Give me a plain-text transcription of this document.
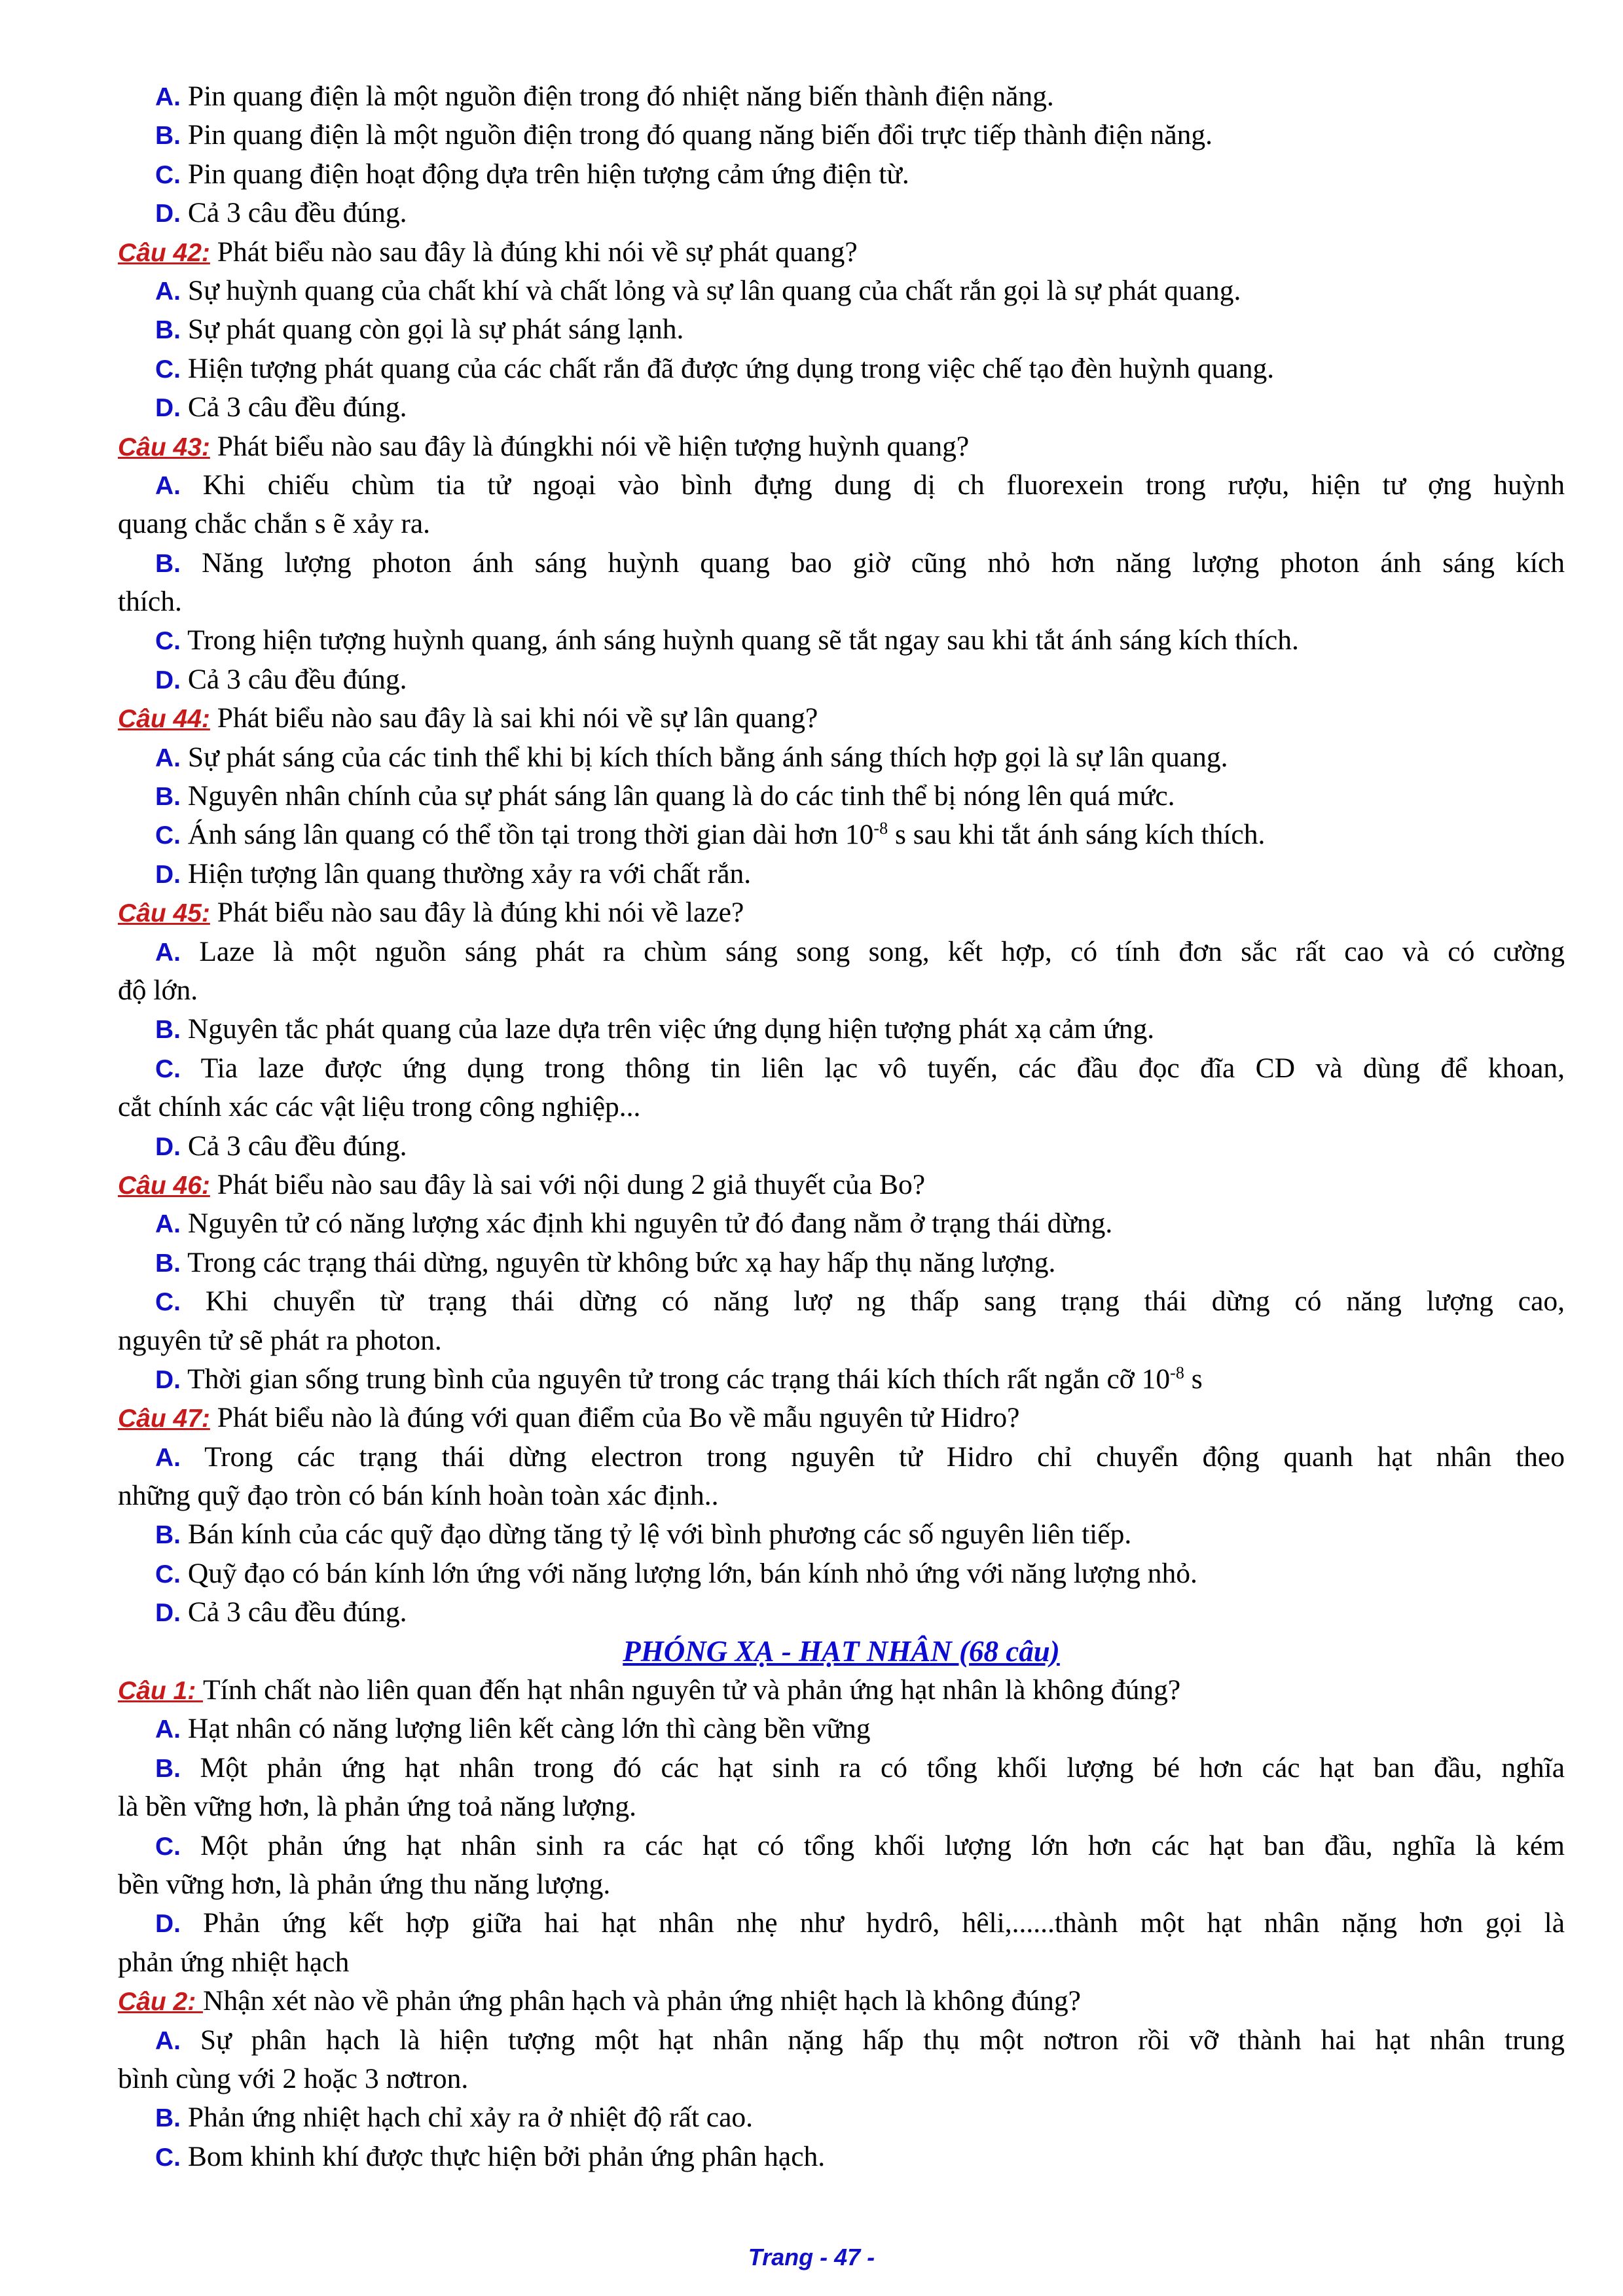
A. Pin quang điện là một nguồn điện trong đó nhiệt năng biến thành điện năng.
B. Pin quang điện là một nguồn điện trong đó quang năng biến đổi trực tiếp thành điện năng.
C. Pin quang điện hoạt động dựa trên hiện tượng cảm ứng điện từ.
D. Cả 3 câu đều đúng.
Câu 42: Phát biểu nào sau đây là đúng khi nói về sự phát quang?
A. Sự huỳnh quang của chất khí và chất lỏng và sự lân quang của chất rắn gọi là sự phát quang.
B. Sự phát quang còn gọi là sự phát sáng lạnh.
C. Hiện tượng phát quang của các chất rắn đã được ứng dụng trong việc chế tạo đèn huỳnh quang.
D. Cả 3 câu đều đúng.
Câu 43: Phát biểu nào sau đây là đúngkhi nói về hiện tượng huỳnh quang?
A. Khi chiếu chùm tia tử ngoại vào bình đựng dung dị ch fluorexein trong rượu, hiện tư ợng huỳnh
quang chắc chắn s ẽ xảy ra.
B. Năng lượng photon ánh sáng huỳnh quang bao giờ cũng nhỏ hơn năng lượng photon ánh sáng kích
thích.
C. Trong hiện tượng huỳnh quang, ánh sáng huỳnh quang sẽ tắt ngay sau khi tắt ánh sáng kích thích.
D. Cả 3 câu đều đúng.
Câu 44: Phát biểu nào sau đây là sai khi nói về sự lân quang?
A. Sự phát sáng của các tinh thể khi bị kích thích bằng ánh sáng thích hợp gọi là sự lân quang.
B. Nguyên nhân chính của sự phát sáng lân quang là do các tinh thể bị nóng lên quá mức.
C. Ánh sáng lân quang có thể tồn tại trong thời gian dài hơn $10^{-8}$ s sau khi tắt ánh sáng kích thích.
D. Hiện tượng lân quang thường xảy ra với chất rắn.
Câu 45: Phát biểu nào sau đây là đúng khi nói về laze?
A. Laze là một nguồn sáng phát ra chùm sáng song song, kết hợp, có tính đơn sắc rất cao và có cường
độ lớn.
B. Nguyên tắc phát quang của laze dựa trên việc ứng dụng hiện tượng phát xạ cảm ứng.
C. Tia laze được ứng dụng trong thông tin liên lạc vô tuyến, các đầu đọc đĩa CD và dùng để khoan,
cắt chính xác các vật liệu trong công nghiệp...
D. Cả 3 câu đều đúng.
Câu 46: Phát biểu nào sau đây là sai với nội dung 2 giả thuyết của Bo?
A. Nguyên tử có năng lượng xác định khi nguyên tử đó đang nằm ở trạng thái dừng.
B. Trong các trạng thái dừng, nguyên từ không bức xạ hay hấp thụ năng lượng.
C. Khi chuyển từ trạng thái dừng có năng lượ ng thấp sang trạng thái dừng có năng lượng cao,
nguyên tử sẽ phát ra photon.
D. Thời gian sống trung bình của nguyên tử trong các trạng thái kích thích rất ngắn cỡ $10^{-8}$ s
Câu 47: Phát biểu nào là đúng với quan điểm của Bo về mẫu nguyên tử Hidro?
A. Trong các trạng thái dừng electron trong nguyên tử Hidro chỉ chuyển động quanh hạt nhân theo
những quỹ đạo tròn có bán kính hoàn toàn xác định..
B. Bán kính của các quỹ đạo dừng tăng tỷ lệ với bình phương các số nguyên liên tiếp.
C. Quỹ đạo có bán kính lớn ứng với năng lượng lớn, bán kính nhỏ ứng với năng lượng nhỏ.
D. Cả 3 câu đều đúng.
PHÓNG XẠ - HẠT NHÂN (68 câu)
Câu 1: Tính chất nào liên quan đến hạt nhân nguyên tử và phản ứng hạt nhân là không đúng?
A. Hạt nhân có năng lượng liên kết càng lớn thì càng bền vững
B. Một phản ứng hạt nhân trong đó các hạt sinh ra có tổng khối lượng bé hơn các hạt ban đầu, nghĩa
là bền vững hơn, là phản ứng toả năng lượng.
C. Một phản ứng hạt nhân sinh ra các hạt có tổng khối lượng lớn hơn các hạt ban đầu, nghĩa là kém
bền vững hơn, là phản ứng thu năng lượng.
D. Phản ứng kết hợp giữa hai hạt nhân nhẹ như hydrô, hêli,......thành một hạt nhân nặng hơn gọi là
phản ứng nhiệt hạch
Câu 2: Nhận xét nào về phản ứng phân hạch và phản ứng nhiệt hạch là không đúng?
A. Sự phân hạch là hiện tượng một hạt nhân nặng hấp thụ một nơtron rồi vỡ thành hai hạt nhân trung
bình cùng với 2 hoặc 3 nơtron.
B. Phản ứng nhiệt hạch chỉ xảy ra ở nhiệt độ rất cao.
C. Bom khinh khí được thực hiện bởi phản ứng phân hạch.
Trang - 47 -
